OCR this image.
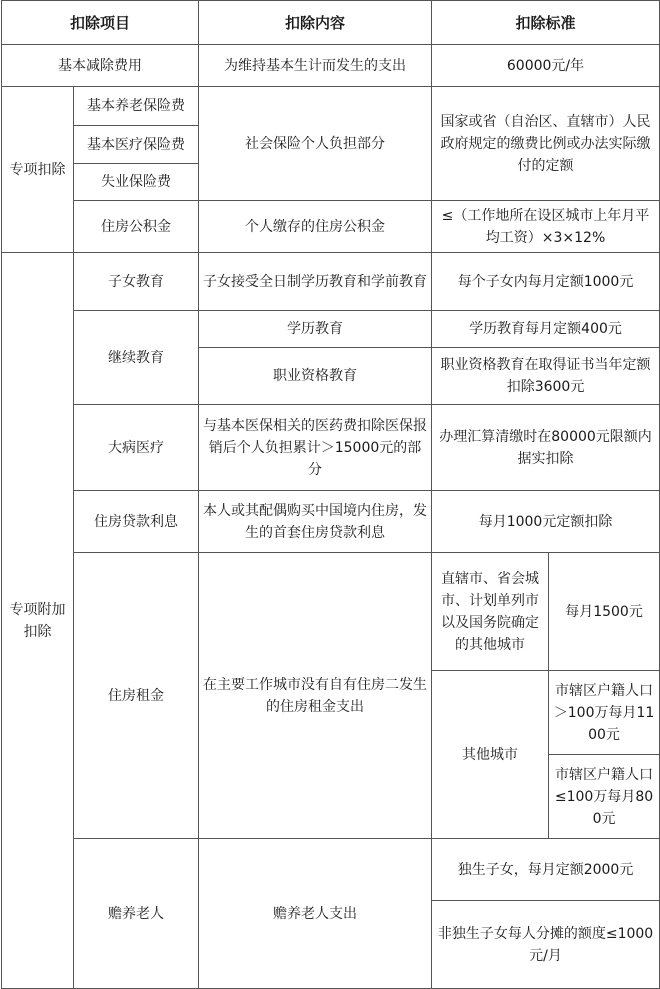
扣除项目		扣除内容	扣除标准	
基本减除费用		为维持基本生计而发生的支出	60000元/年	
专项扣除	基本养老保险费	社会保险个人负担部分	国家或省（自治区、直辖市）人民政府规定的缴费比例或办法实际缴付的定额	
	基本医疗保险费			
	失业保险费			
	住房公积金	个人缴存的住房公积金	≤（工作地所在设区城市上年月平均工资）×3×12%	
专项附加扣除	子女教育	子女接受全日制学历教育和学前教育	每个子女内每月定额1000元	
	继续教育	学历教育	学历教育每月定额400元	
		职业资格教育	职业资格教育在取得证书当年定额扣除3600元	
	大病医疗	与基本医保相关的医药费扣除医保报销后个人负担累计＞15000元的部分	办理汇算清缴时在80000元限额内据实扣除	
	住房贷款利息	本人或其配偶购买中国境内住房，发生的首套住房贷款利息	每月1000元定额扣除	
	住房租金	在主要工作城市没有自有住房二发生的住房租金支出	直辖市、省会城市、计划单列市以及国务院确定的其他城市	每月1500元
			其他城市	市辖区户籍人口＞100万每月1100元
				市辖区户籍人口≤100万每月800元
	赡养老人	赡养老人支出	独生子女，每月定额2000元	
			非独生子女每人分摊的额度≤1000元/月	
